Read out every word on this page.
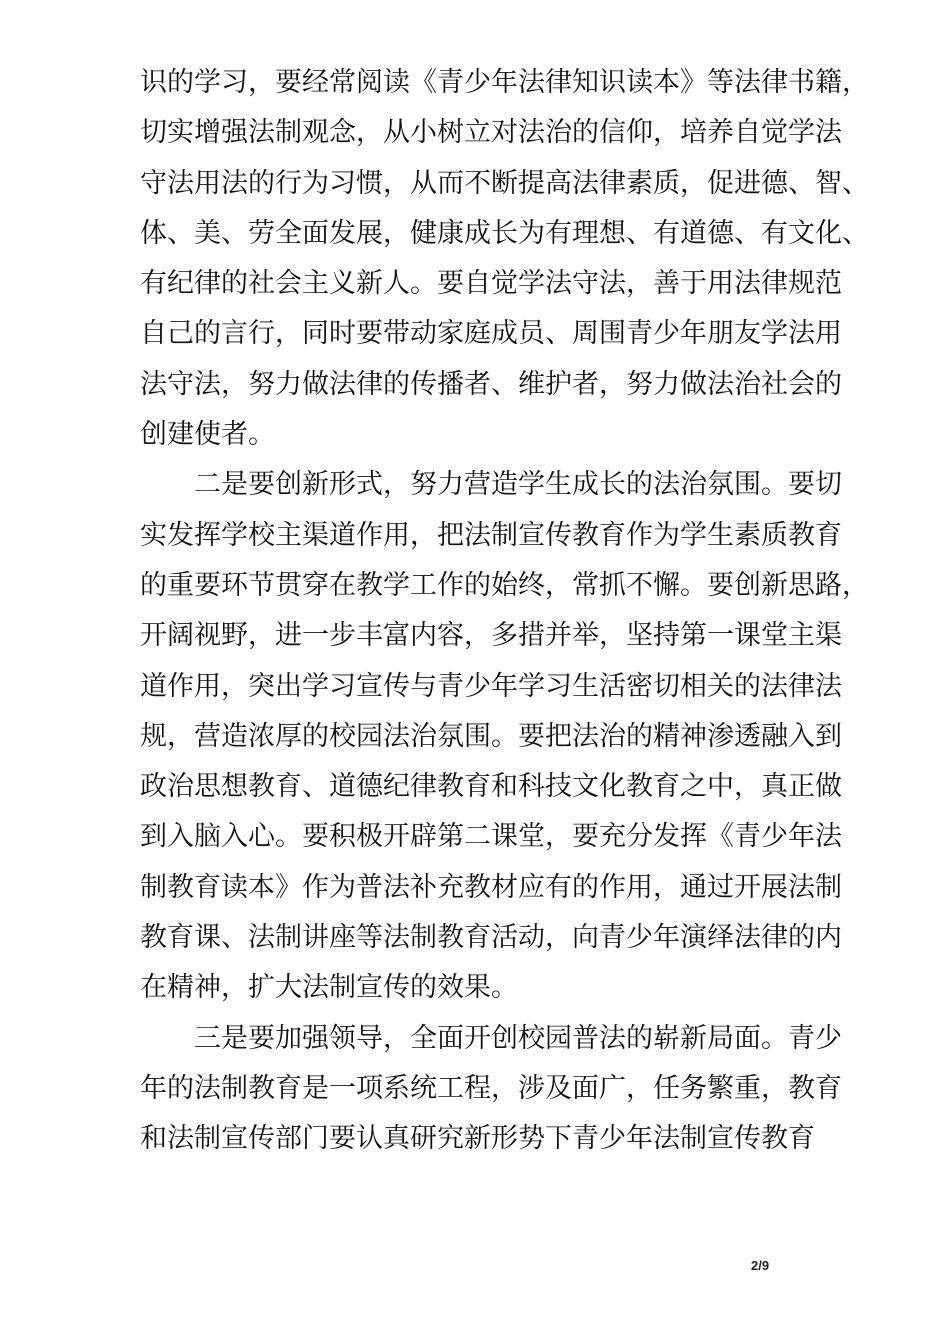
识的学习，要经常阅读《青少年法律知识读本》等法律书籍，
切实增强法制观念，从小树立对法治的信仰，培养自觉学法
守法用法的行为习惯，从而不断提高法律素质，促进德、智、
体、美、劳全面发展，健康成长为有理想、有道德、有文化、
有纪律的社会主义新人。要自觉学法守法，善于用法律规范
自己的言行，同时要带动家庭成员、周围青少年朋友学法用
法守法，努力做法律的传播者、维护者，努力做法治社会的
创建使者。
二是要创新形式，努力营造学生成长的法治氛围。要切
实发挥学校主渠道作用，把法制宣传教育作为学生素质教育
的重要环节贯穿在教学工作的始终，常抓不懈。要创新思路，
开阔视野，进一步丰富内容，多措并举，坚持第一课堂主渠
道作用，突出学习宣传与青少年学习生活密切相关的法律法
规，营造浓厚的校园法治氛围。要把法治的精神渗透融入到
政治思想教育、道德纪律教育和科技文化教育之中，真正做
到入脑入心。要积极开辟第二课堂，要充分发挥《青少年法
制教育读本》作为普法补充教材应有的作用，通过开展法制
教育课、法制讲座等法制教育活动，向青少年演绎法律的内
在精神，扩大法制宣传的效果。
三是要加强领导，全面开创校园普法的崭新局面。青少
年的法制教育是一项系统工程，涉及面广，任务繁重，教育
和法制宣传部门要认真研究新形势下青少年法制宣传教育
2/9
